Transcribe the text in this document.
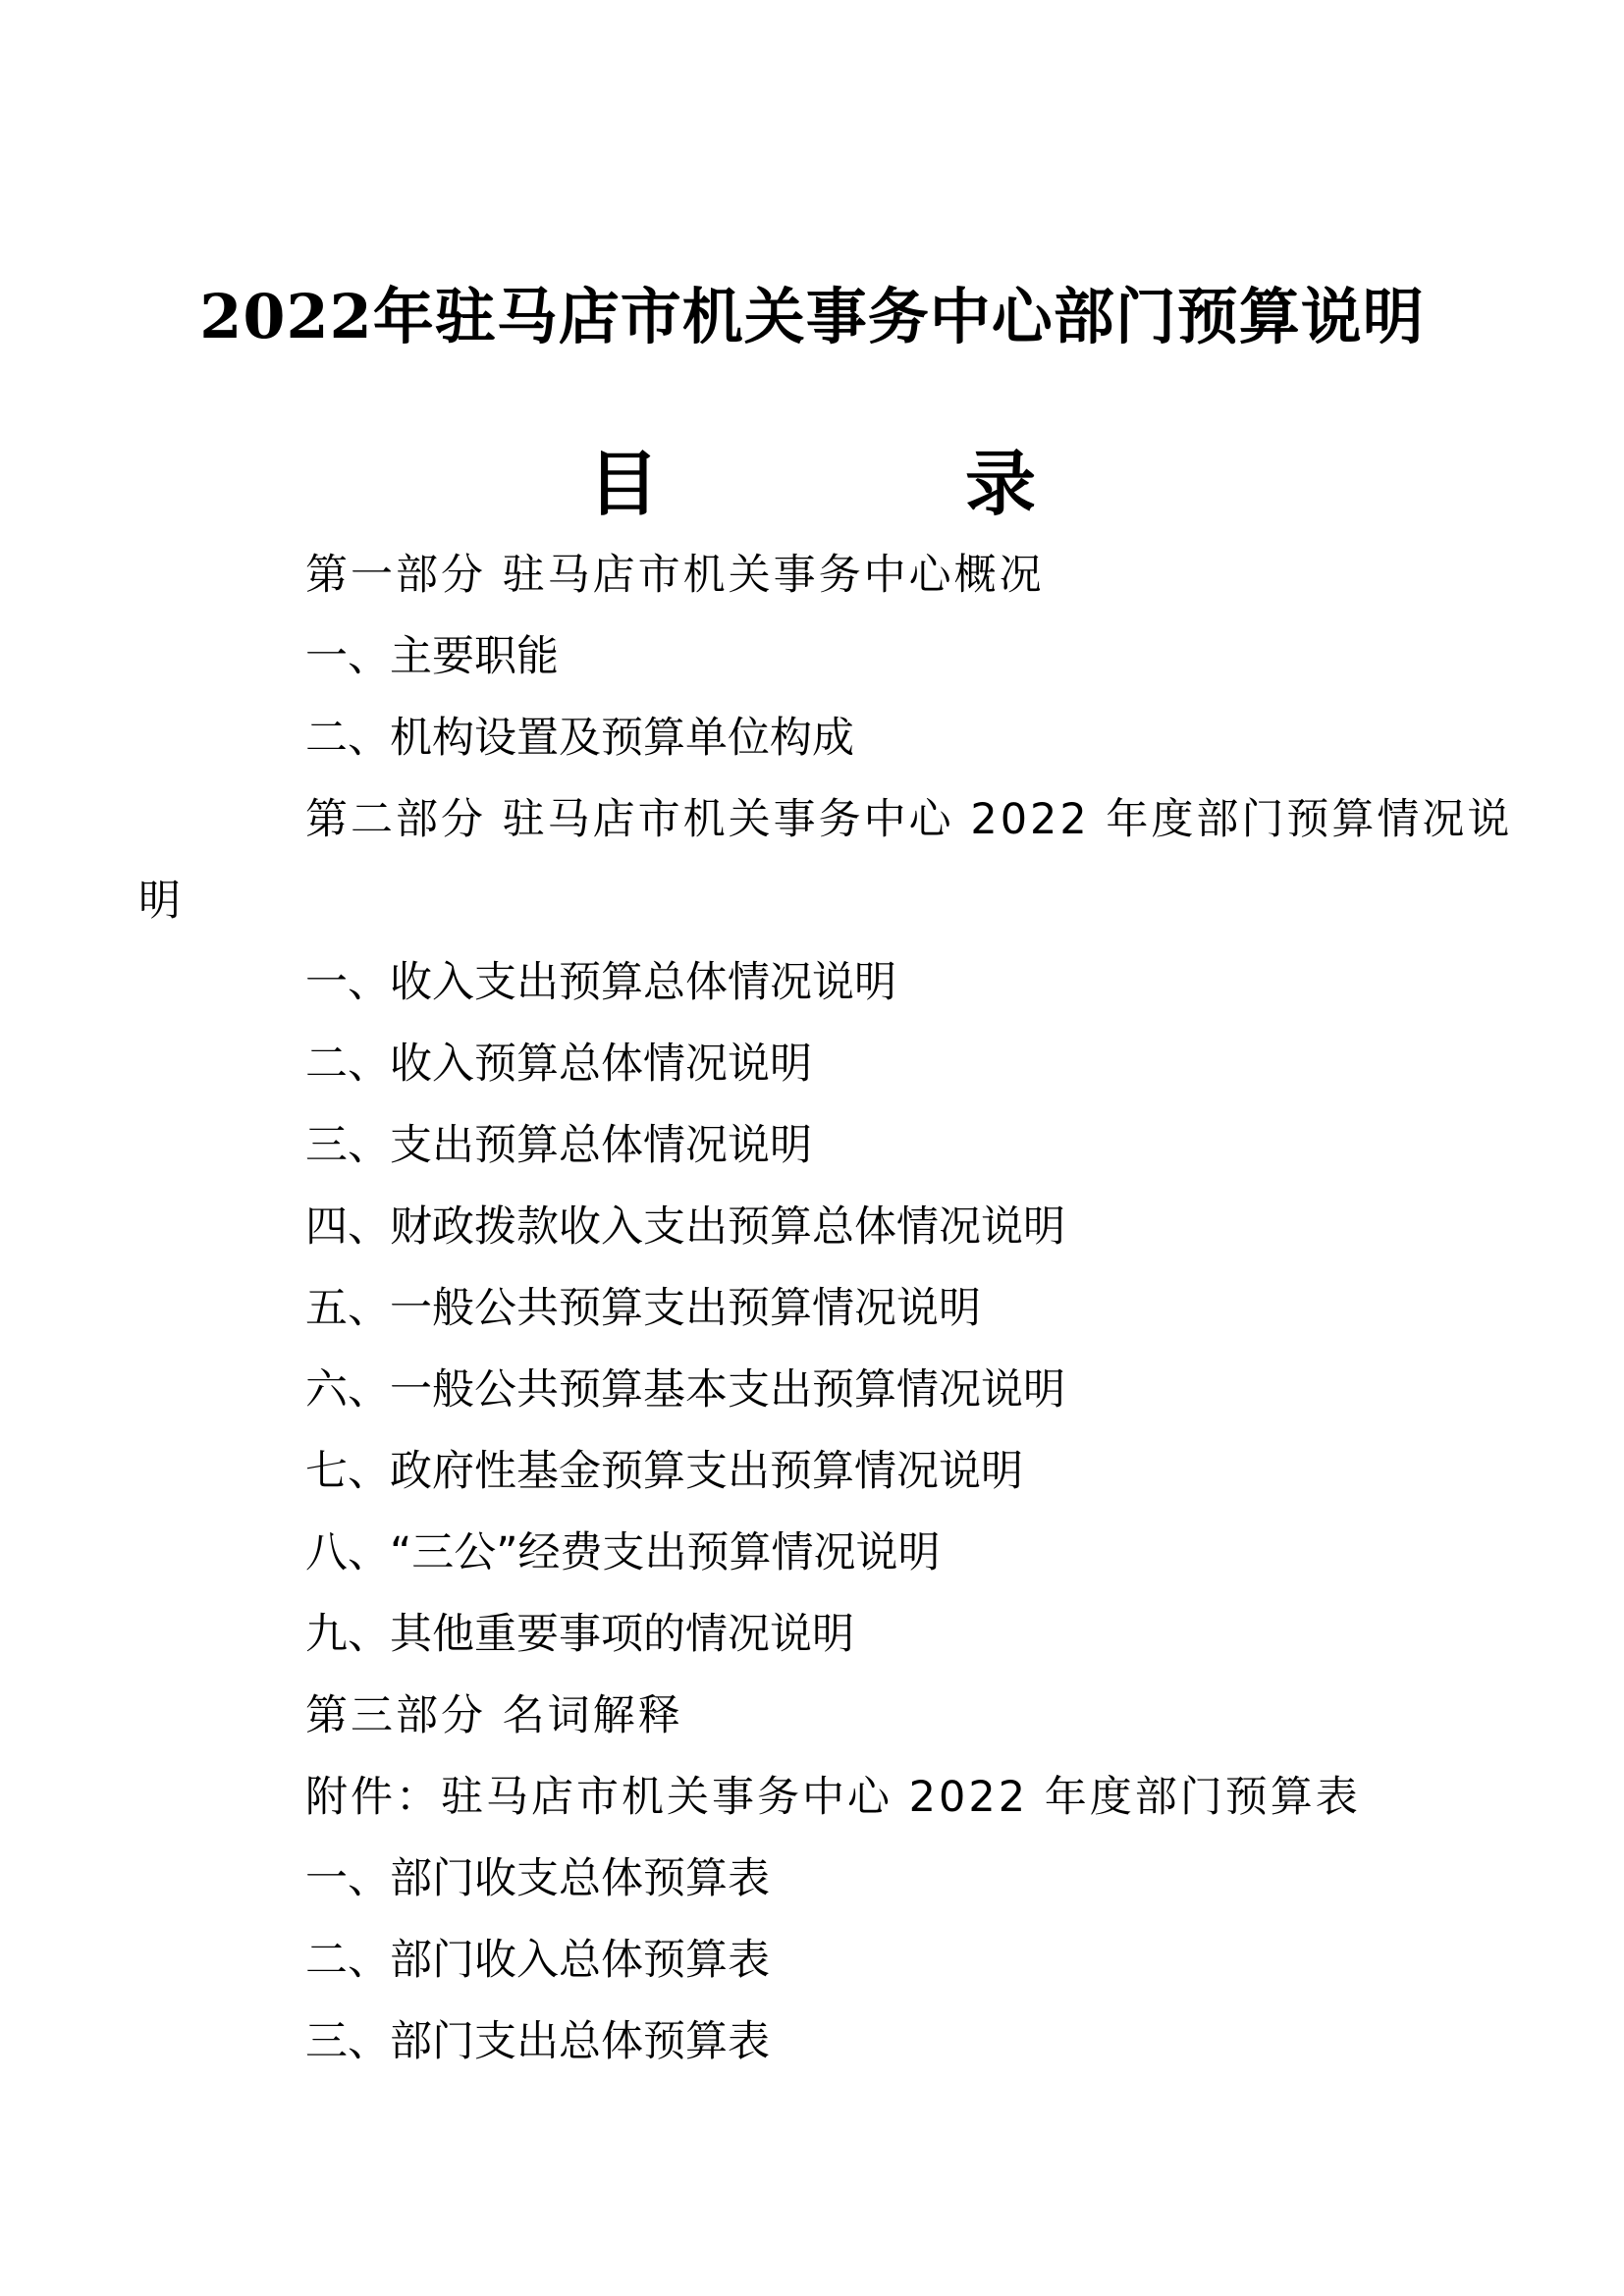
2022年驻马店市机关事务中心部门预算说明
目　录
第一部分 驻马店市机关事务中心概况
一、主要职能
二、机构设置及预算单位构成
第二部分 驻马店市机关事务中心 2022 年度部门预算情况说
明
一、收入支出预算总体情况说明
二、收入预算总体情况说明
三、支出预算总体情况说明
四、财政拨款收入支出预算总体情况说明
五、一般公共预算支出预算情况说明
六、一般公共预算基本支出预算情况说明
七、政府性基金预算支出预算情况说明
八、“三公”经费支出预算情况说明
九、其他重要事项的情况说明
第三部分 名词解释
附件：驻马店市机关事务中心 2022 年度部门预算表
一、部门收支总体预算表
二、部门收入总体预算表
三、部门支出总体预算表
